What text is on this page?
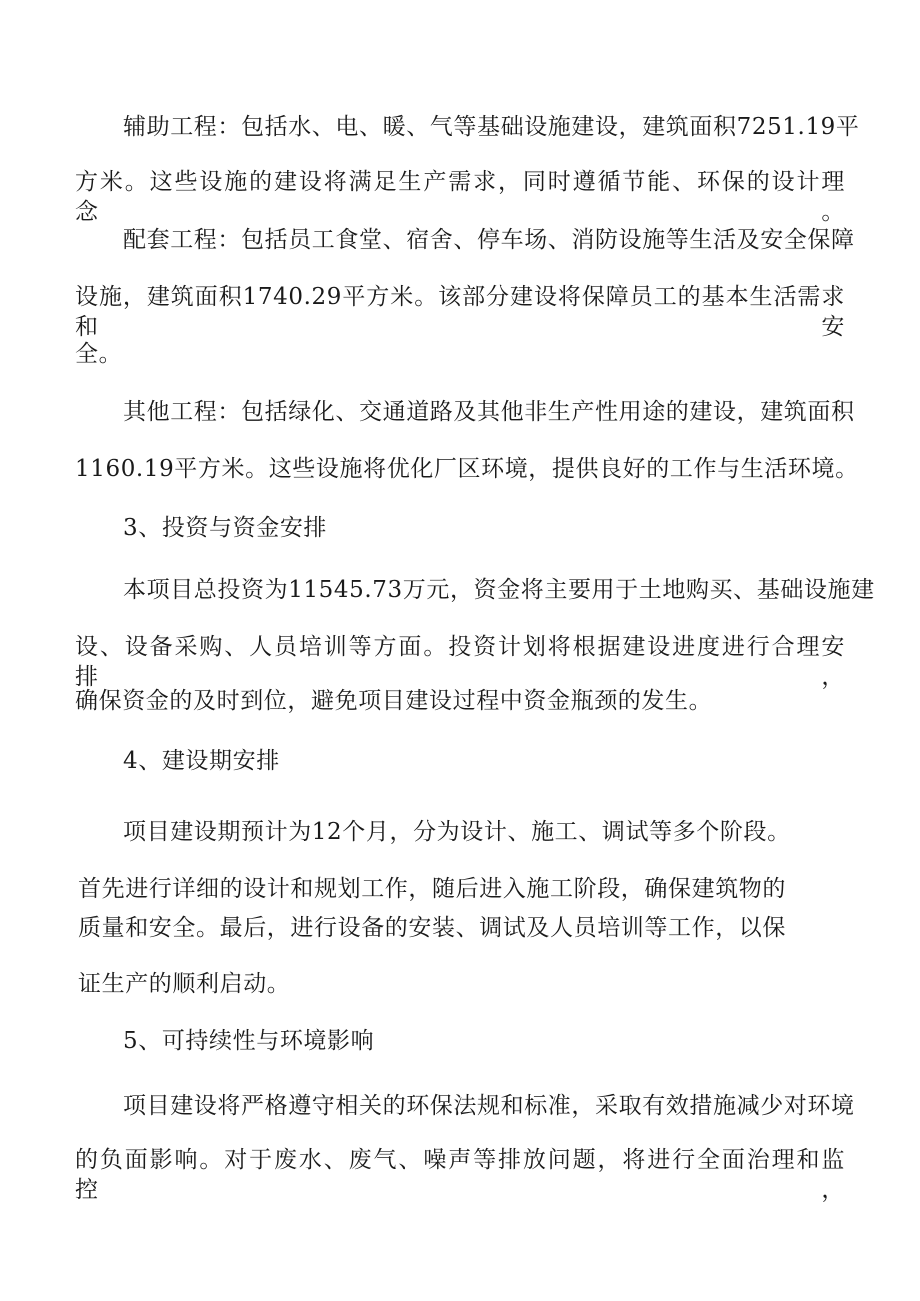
辅助工程：包括水、电、暖、气等基础设施建设，建筑面积7251.19平

方米。这些设施的建设将满足生产需求，同时遵循节能、环保的设计理念。

配套工程：包括员工食堂、宿舍、停车场、消防设施等生活及安全保障

设施，建筑面积1740.29平方米。该部分建设将保障员工的基本生活需求和安

全。

其他工程：包括绿化、交通道路及其他非生产性用途的建设，建筑面积

1160.19平方米。这些设施将优化厂区环境，提供良好的工作与生活环境。

3、投资与资金安排

本项目总投资为11545.73万元，资金将主要用于土地购买、基础设施建

设、设备采购、人员培训等方面。投资计划将根据建设进度进行合理安排，

确保资金的及时到位，避免项目建设过程中资金瓶颈的发生。

4、建设期安排

项目建设期预计为12个月，分为设计、施工、调试等多个阶段。

首先进行详细的设计和规划工作，随后进入施工阶段，确保建筑物的

质量和安全。最后，进行设备的安装、调试及人员培训等工作，以保

证生产的顺利启动。

5、可持续性与环境影响

项目建设将严格遵守相关的环保法规和标准，采取有效措施减少对环境

的负面影响。对于废水、废气、噪声等排放问题，将进行全面治理和监控，
